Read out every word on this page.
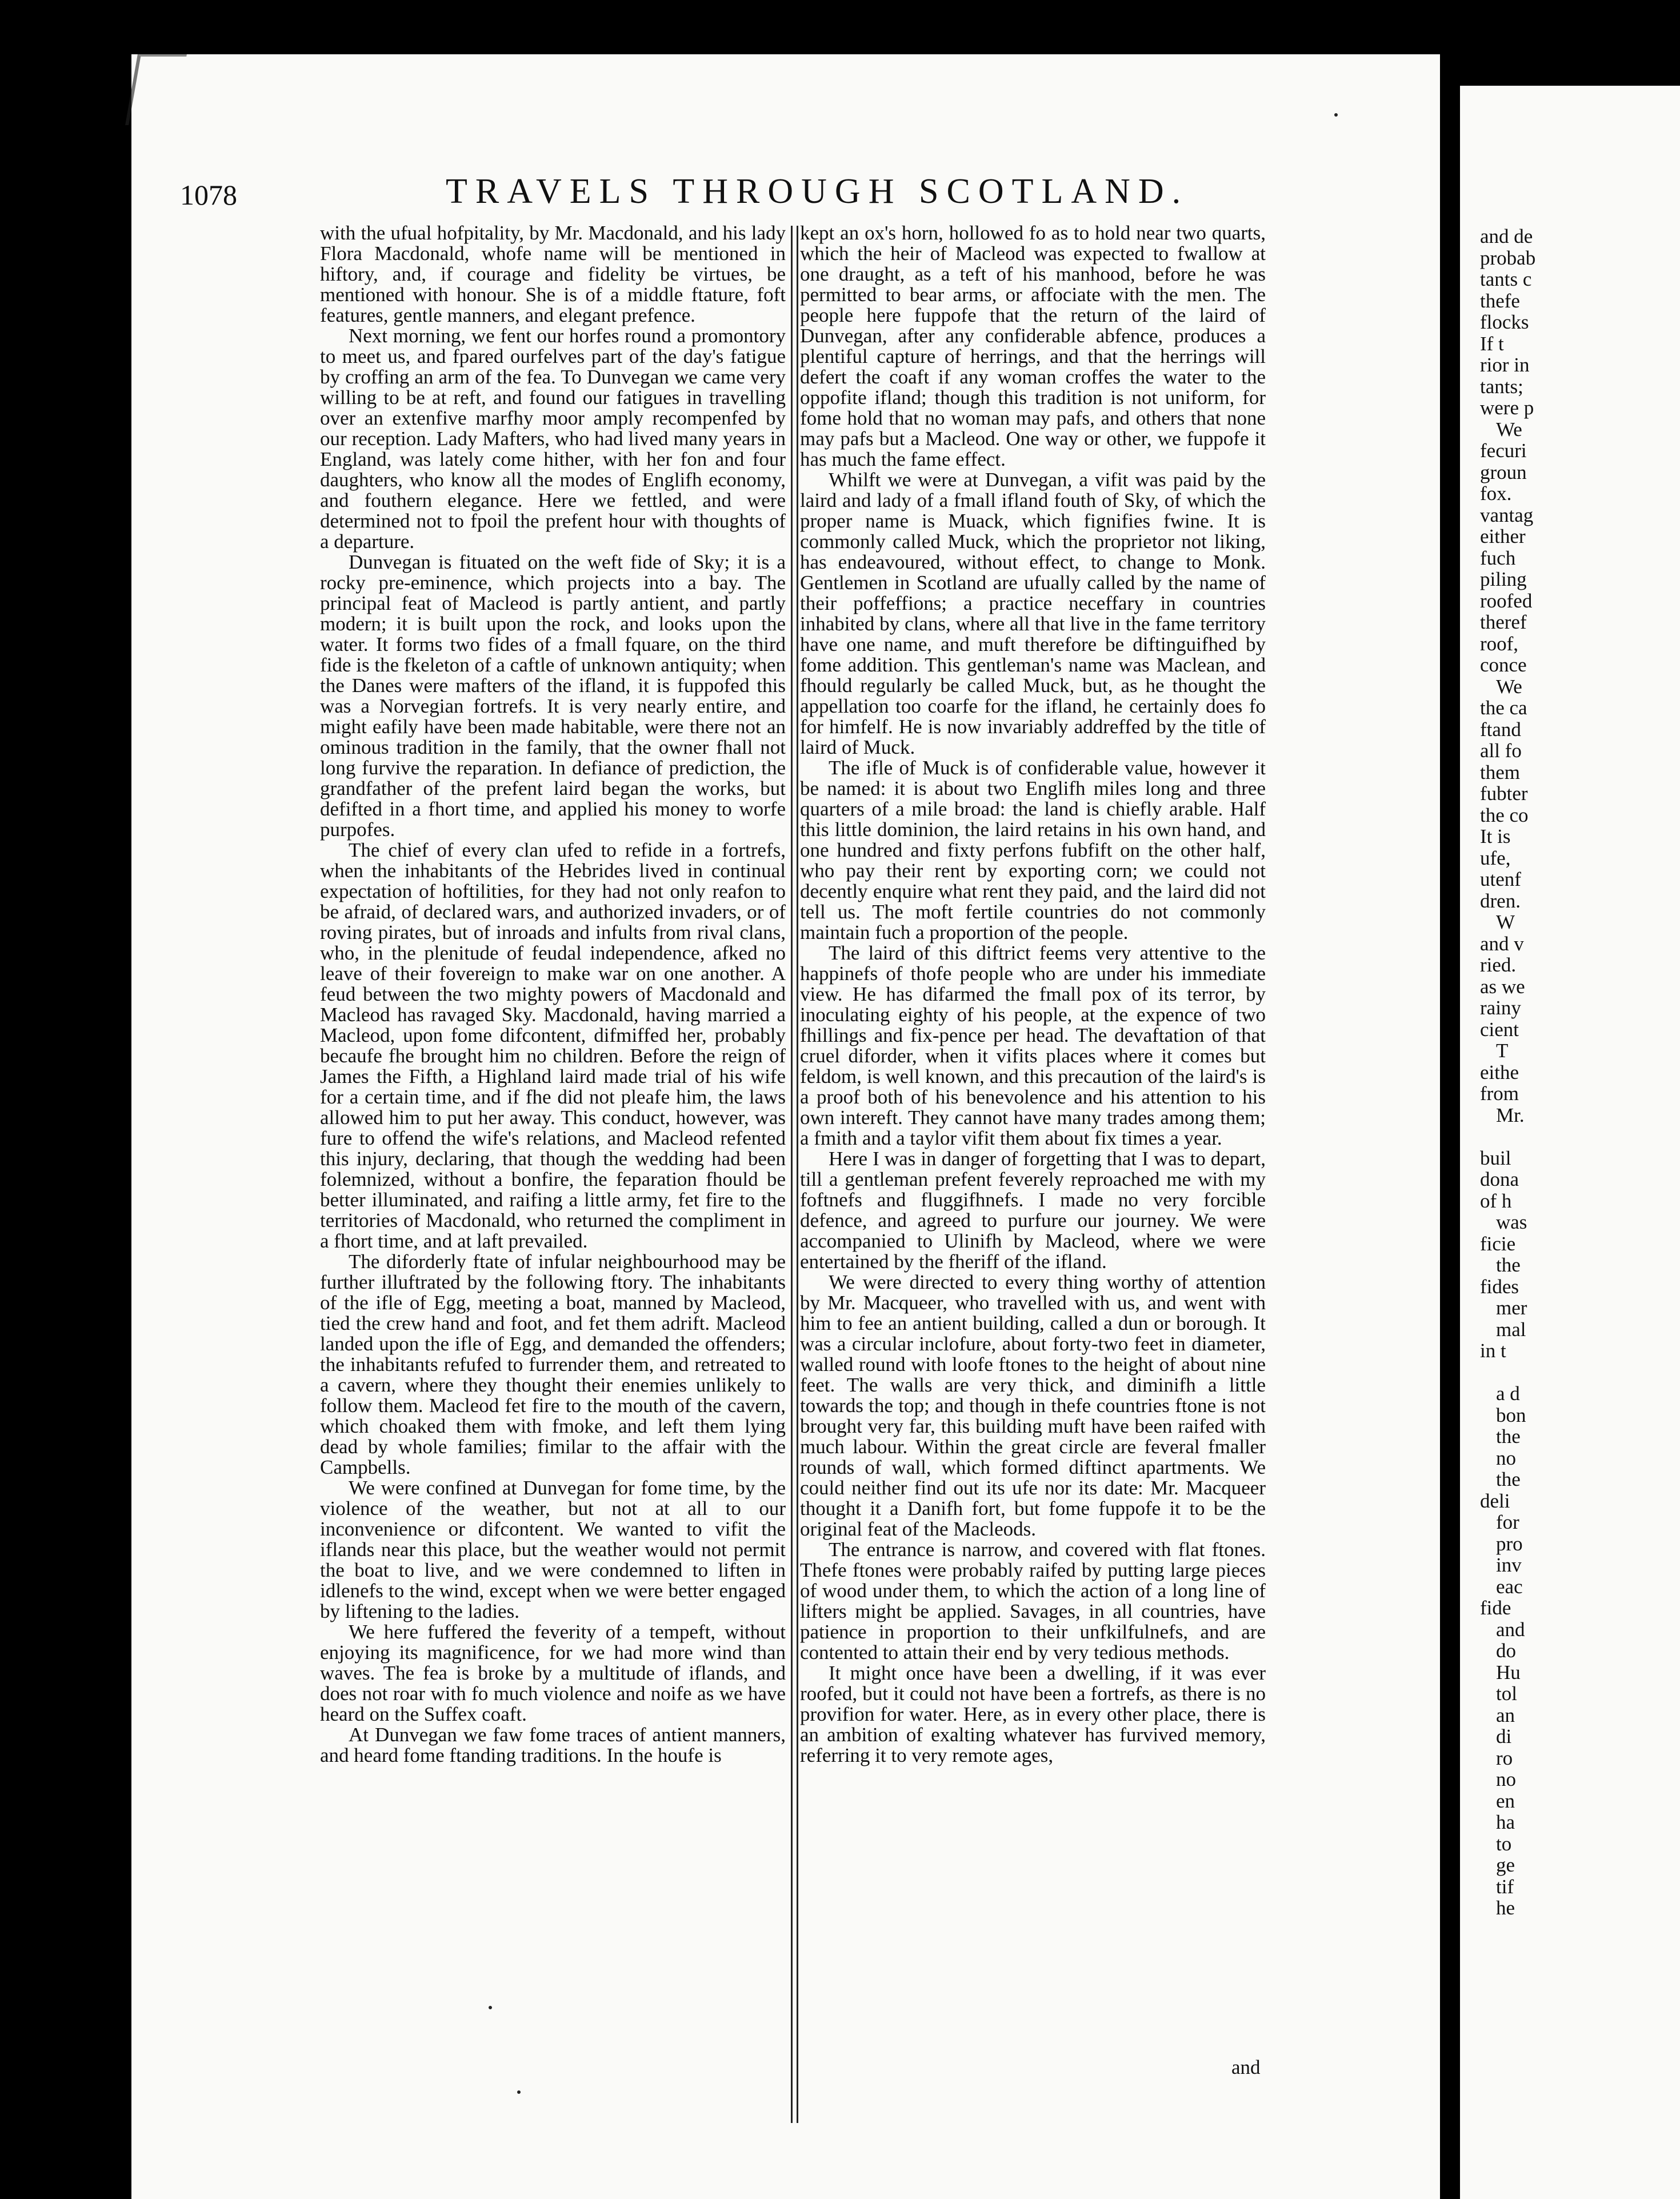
1078	TRAVELS THROUGH SCOTLAND.

with the ufual hofpitality, by Mr. Macdonald, and his lady Flora Macdonald, whofe name will be mentioned in hiftory, and, if courage and fidelity be virtues, be mentioned with honour. She is of a middle ftature, foft features, gentle manners, and elegant prefence.

Next morning, we fent our horfes round a promontory to meet us, and fpared ourfelves part of the day's fatigue by croffing an arm of the fea. To Dunvegan we came very willing to be at reft, and found our fatigues in travelling over an extenfive marfhy moor amply recompenfed by our reception. Lady Mafters, who had lived many years in England, was lately come hither, with her fon and four daughters, who know all the modes of Englifh economy, and fouthern elegance. Here we fettled, and were determined not to fpoil the prefent hour with thoughts of a departure.

Dunvegan is fituated on the weft fide of Sky; it is a rocky pre-eminence, which projects into a bay. The principal feat of Macleod is partly antient, and partly modern; it is built upon the rock, and looks upon the water. It forms two fides of a fmall fquare, on the third fide is the fkeleton of a caftle of unknown antiquity; when the Danes were mafters of the ifland, it is fuppofed this was a Norvegian fortrefs. It is very nearly entire, and might eafily have been made habitable, were there not an ominous tradition in the family, that the owner fhall not long furvive the reparation. In defiance of prediction, the grandfather of the prefent laird began the works, but defifted in a fhort time, and applied his money to worfe purpofes.

The chief of every clan ufed to refide in a fortrefs, when the inhabitants of the Hebrides lived in continual expectation of hoftilities, for they had not only reafon to be afraid, of declared wars, and authorized invaders, or of roving pirates, but of inroads and infults from rival clans, who, in the plenitude of feudal independence, afked no leave of their fovereign to make war on one another. A feud between the two mighty powers of Macdonald and Macleod has ravaged Sky. Macdonald, having married a Macleod, upon fome difcontent, difmiffed her, probably becaufe fhe brought him no children. Before the reign of James the Fifth, a Highland laird made trial of his wife for a certain time, and if fhe did not pleafe him, the laws allowed him to put her away. This conduct, however, was fure to offend the wife's relations, and Macleod refented this injury, declaring, that though the wedding had been folemnized, without a bonfire, the feparation fhould be better illuminated, and raifing a little army, fet fire to the territories of Macdonald, who returned the compliment in a fhort time, and at laft prevailed.

The diforderly ftate of infular neighbourhood may be further illuftrated by the following ftory. The inhabitants of the ifle of Egg, meeting a boat, manned by Macleod, tied the crew hand and foot, and fet them adrift. Macleod landed upon the ifle of Egg, and demanded the offenders; the inhabitants refufed to furrender them, and retreated to a cavern, where they thought their enemies unlikely to follow them. Macleod fet fire to the mouth of the cavern, which choaked them with fmoke, and left them lying dead by whole families; fimilar to the affair with the Campbells.

We were confined at Dunvegan for fome time, by the violence of the weather, but not at all to our inconvenience or difcontent. We wanted to vifit the iflands near this place, but the weather would not permit the boat to live, and we were condemned to liften in idlenefs to the wind, except when we were better engaged by liftening to the ladies.

We here fuffered the feverity of a tempeft, without enjoying its magnificence, for we had more wind than waves. The fea is broke by a multitude of iflands, and does not roar with fo much violence and noife as we have heard on the Suffex coaft.

At Dunvegan we faw fome traces of antient manners, and heard fome ftanding traditions. In the houfe is

kept an ox's horn, hollowed fo as to hold near two quarts, which the heir of Macleod was expected to fwallow at one draught, as a teft of his manhood, before he was permitted to bear arms, or affociate with the men. The people here fuppofe that the return of the laird of Dunvegan, after any confiderable abfence, produces a plentiful capture of herrings, and that the herrings will defert the coaft if any woman croffes the water to the oppofite ifland; though this tradition is not uniform, for fome hold that no woman may pafs, and others that none may pafs but a Macleod. One way or other, we fuppofe it has much the fame effect.

Whilft we were at Dunvegan, a vifit was paid by the laird and lady of a fmall ifland fouth of Sky, of which the proper name is Muack, which fignifies fwine. It is commonly called Muck, which the proprietor not liking, has endeavoured, without effect, to change to Monk. Gentlemen in Scotland are ufually called by the name of their poffeffions; a practice neceffary in countries inhabited by clans, where all that live in the fame territory have one name, and muft therefore be diftinguifhed by fome addition. This gentleman's name was Maclean, and fhould regularly be called Muck, but, as he thought the appellation too coarfe for the ifland, he certainly does fo for himfelf. He is now invariably addreffed by the title of laird of Muck.

The ifle of Muck is of confiderable value, however it be named: it is about two Englifh miles long and three quarters of a mile broad: the land is chiefly arable. Half this little dominion, the laird retains in his own hand, and one hundred and fixty perfons fubfift on the other half, who pay their rent by exporting corn; we could not decently enquire what rent they paid, and the laird did not tell us. The moft fertile countries do not commonly maintain fuch a proportion of the people.

The laird of this diftrict feems very attentive to the happinefs of thofe people who are under his immediate view. He has difarmed the fmall pox of its terror, by inoculating eighty of his people, at the expence of two fhillings and fix-pence per head. The devaftation of that cruel diforder, when it vifits places where it comes but feldom, is well known, and this precaution of the laird's is a proof both of his benevolence and his attention to his own intereft. They cannot have many trades among them; a fmith and a taylor vifit them about fix times a year.

Here I was in danger of forgetting that I was to depart, till a gentleman prefent feverely reproached me with my foftnefs and fluggifhnefs. I made no very forcible defence, and agreed to purfure our journey. We were accompanied to Ulinifh by Macleod, where we were entertained by the fheriff of the ifland.

We were directed to every thing worthy of attention by Mr. Macqueer, who travelled with us, and went with him to fee an antient building, called a dun or borough. It was a circular inclofure, about forty-two feet in diameter, walled round with loofe ftones to the height of about nine feet. The walls are very thick, and diminifh a little towards the top; and though in thefe countries ftone is not brought very far, this building muft have been raifed with much labour. Within the great circle are feveral fmaller rounds of wall, which formed diftinct apartments. We could neither find out its ufe nor its date: Mr. Macqueer thought it a Danifh fort, but fome fuppofe it to be the original feat of the Macleods.

The entrance is narrow, and covered with flat ftones. Thefe ftones were probably raifed by putting large pieces of wood under them, to which the action of a long line of lifters might be applied. Savages, in all countries, have patience in proportion to their unfkilfulnefs, and are contented to attain their end by very tedious methods.

It might once have been a dwelling, if it was ever roofed, but it could not have been a fortrefs, as there is no provifion for water. Here, as in every other place, there is an ambition of exalting whatever has furvived memory, referring it to very remote ages,

and
and de
probab
tants c
thefe
flocks
If t
rior in
tants;
were p
We
fecuri
groun
fox.
vantag
either
fuch
piling
roofed
theref
roof,
conce
We
the ca
ftand
all fo
them
fubter
the co
It is
ufe,
utenf
dren.
W
and v
ried.
as we
rainy
cient
T
eithe
from
Mr.
buil
dona
of h
was
ficie
the
fides
mer
mal
in t
a d
bon
the
no
the
deli
for
pro
inv
eac
fide
and
do
Hu
tol
an
di
ro
no
en
ha
to
ge
tif
he
